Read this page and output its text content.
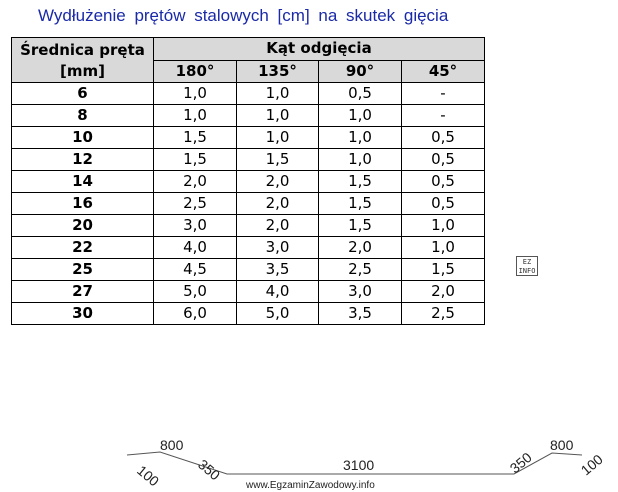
Wydłużenie prętów stalowych [cm] na skutek gięcia
Średnica pręta
[mm]	Kąt odgięcia			
	180°	135°	90°	45°
6	1,0	1,0	0,5	-
8	1,0	1,0	1,0	-
10	1,5	1,0	1,0	0,5
12	1,5	1,5	1,0	0,5
14	2,0	2,0	1,5	0,5
16	2,5	2,0	1,5	0,5
20	3,0	2,0	1,5	1,0
22	4,0	3,0	2,0	1,0
25	4,5	3,5	2,5	1,5
27	5,0	4,0	3,0	2,0
30	6,0	5,0	3,5	2,5
EZ INFO
800
100 350	3100	350
800
100
www.EgzaminZawodowy.info
